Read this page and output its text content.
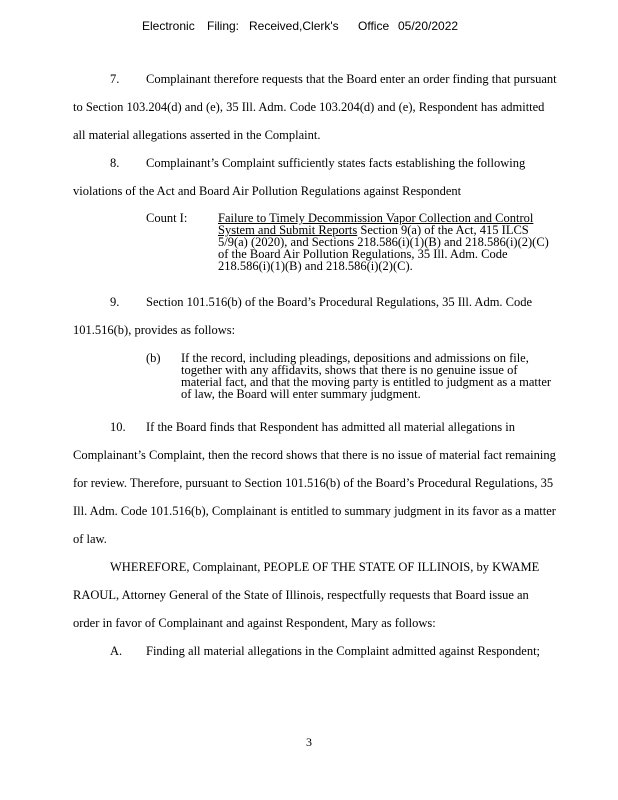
Electronic

Filing:

Received,Clerk's

Office

05/20/2022

7. Complainant therefore requests that the Board enter an order finding that pursuant
to Section 103.204(d) and (e), 35 Ill. Adm. Code 103.204(d) and (e), Respondent has admitted
all material allegations asserted in the Complaint.
8. Complainant’s Complaint sufficiently states facts establishing the following
violations of the Act and Board Air Pollution Regulations against Respondent
Count I: Failure to Timely Decommission Vapor Collection and Control
System and Submit Reports Section 9(a) of the Act, 415 ILCS
5/9(a) (2020), and Sections 218.586(i)(1)(B) and 218.586(i)(2)(C)
of the Board Air Pollution Regulations, 35 Ill. Adm. Code
218.586(i)(1)(B) and 218.586(i)(2)(C).
9. Section 101.516(b) of the Board’s Procedural Regulations, 35 Ill. Adm. Code
101.516(b), provides as follows:
(b) If the record, including pleadings, depositions and admissions on file,
together with any affidavits, shows that there is no genuine issue of
material fact, and that the moving party is entitled to judgment as a matter
of law, the Board will enter summary judgment.
10. If the Board finds that Respondent has admitted all material allegations in
Complainant’s Complaint, then the record shows that there is no issue of material fact remaining
for review. Therefore, pursuant to Section 101.516(b) of the Board’s Procedural Regulations, 35
Ill. Adm. Code 101.516(b), Complainant is entitled to summary judgment in its favor as a matter
of law.
WHEREFORE, Complainant, PEOPLE OF THE STATE OF ILLINOIS, by KWAME
RAOUL, Attorney General of the State of Illinois, respectfully requests that Board issue an
order in favor of Complainant and against Respondent, Mary as follows:
A. Finding all material allegations in the Complaint admitted against Respondent;
3
